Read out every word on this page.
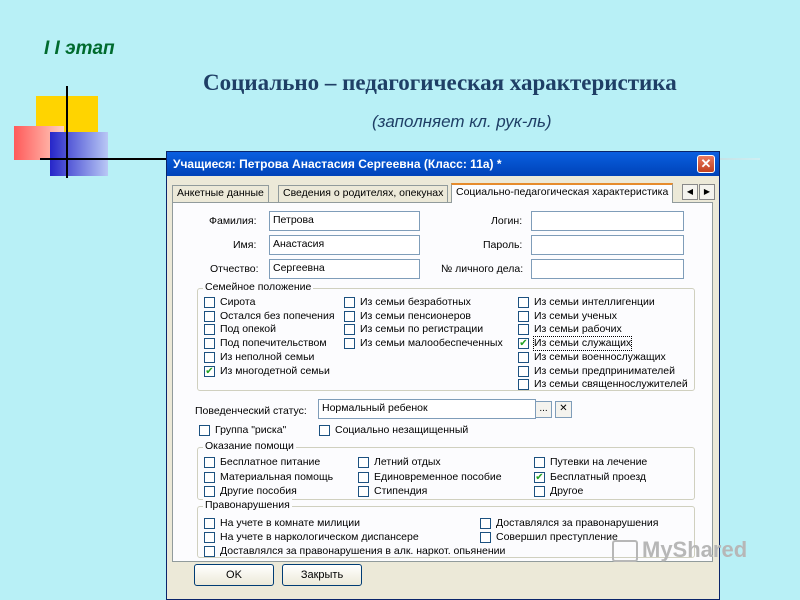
I I этап
Социально – педагогическая характеристика
(заполняет кл. рук-ль)
Учащиеся: Петрова Анастасия Сергеевна (Класс: 11а) *	✕
Анкетные данные	Сведения о родителях, опекунах	Социально-педагогическая характеристика	◀	▶
Фамилия:	Петрова
Имя:	Анастасия
Отчество:	Сергеевна
Логин:
Пароль:
№ личного дела:
Семейное положение
Сирота
Остался без попечения
Под опекой
Под попечительством
Из неполной семьи
✔ Из многодетной семьи
Из семьи безработных
Из семьи пенсионеров
Из семьи по регистрации
Из семьи малообеспеченных
Из семьи интеллигенции
Из семьи ученых
Из семьи рабочих
✔ Из семьи служащих
Из семьи военнослужащих
Из семьи предпринимателей
Из семьи священнослужителей
Поведенческий статус:	Нормальный ребенок	...	✕
Группа "риска"	Социально незащищенный
Оказание помощи
Бесплатное питание
Материальная помощь
Другие пособия
Летний отдых
Единовременное пособие
Стипендия
Путевки на лечение
✔ Бесплатный проезд
Другое
Правонарушения
На учете в комнате милиции
На учете в наркологическом диспансере
Доставлялся за правонарушения в алк. наркот. опьянении
Доставлялся за правонарушения
Совершил преступление
OK	Закрыть
MyShared
